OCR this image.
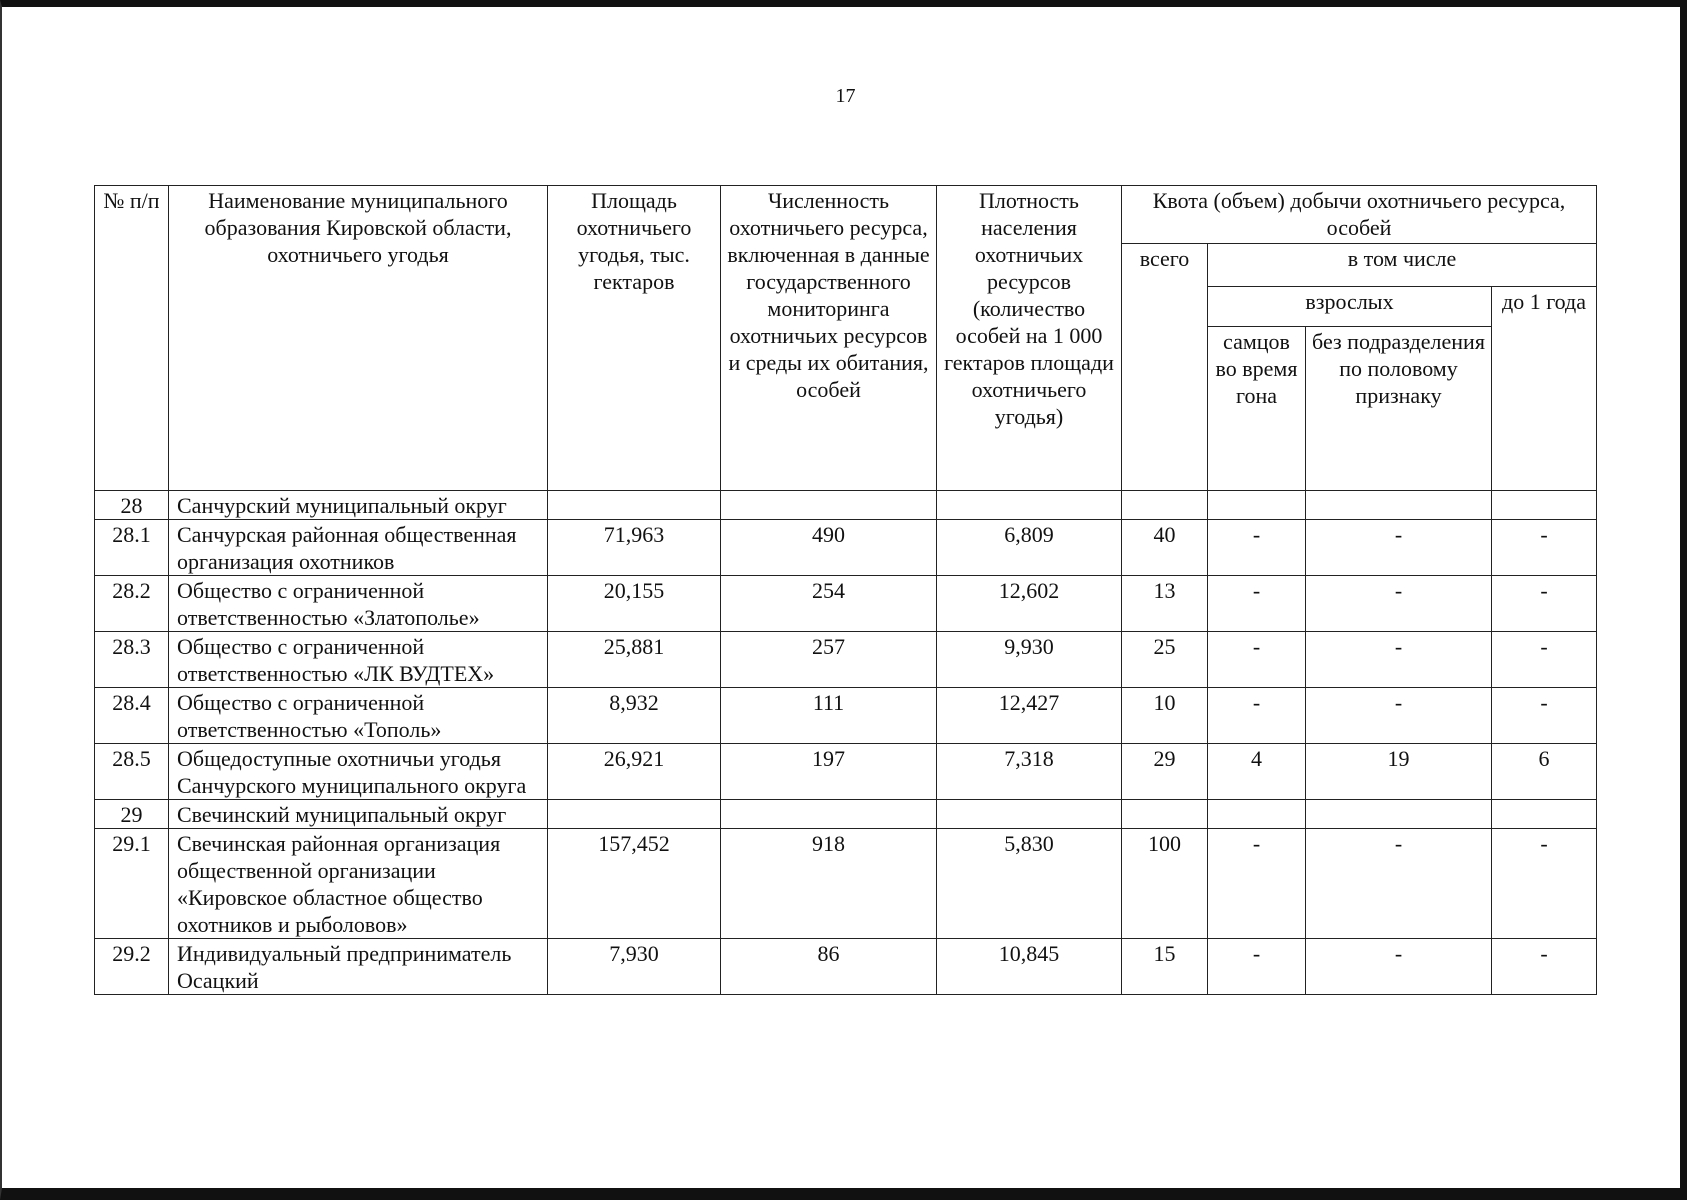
17
№ п/п	Наименование муниципального образования Кировской области, охотничьего угодья	Площадь охотничьего угодья, тыс. гектаров	Численность охотничьего ресурса, включенная в данные государственного мониторинга охотничьих ресурсов и среды их обитания, особей	Плотность населения охотничьих ресурсов (количество особей на 1 000 гектаров площади охотничьего угодья)	Квота (объем) добычи охотничьего ресурса, особей			
					всего	в том числе		
						взрослых		до 1 года
						самцов во время гона	без подразделения по половому признаку	
28	Санчурский муниципальный округ							
28.1	Санчурская районная общественная организация охотников	71,963	490	6,809	40	-	-	-
28.2	Общество с ограниченной ответственностью «Златополье»	20,155	254	12,602	13	-	-	-
28.3	Общество с ограниченной ответственностью «ЛК ВУДТЕХ»	25,881	257	9,930	25	-	-	-
28.4	Общество с ограниченной ответственностью «Тополь»	8,932	111	12,427	10	-	-	-
28.5	Общедоступные охотничьи угодья Санчурского муниципального округа	26,921	197	7,318	29	4	19	6
29	Свечинский муниципальный округ							
29.1	Свечинская районная организация общественной организации «Кировское областное общество охотников и рыболовов»	157,452	918	5,830	100	-	-	-
29.2	Индивидуальный предприниматель Осацкий	7,930	86	10,845	15	-	-	-
